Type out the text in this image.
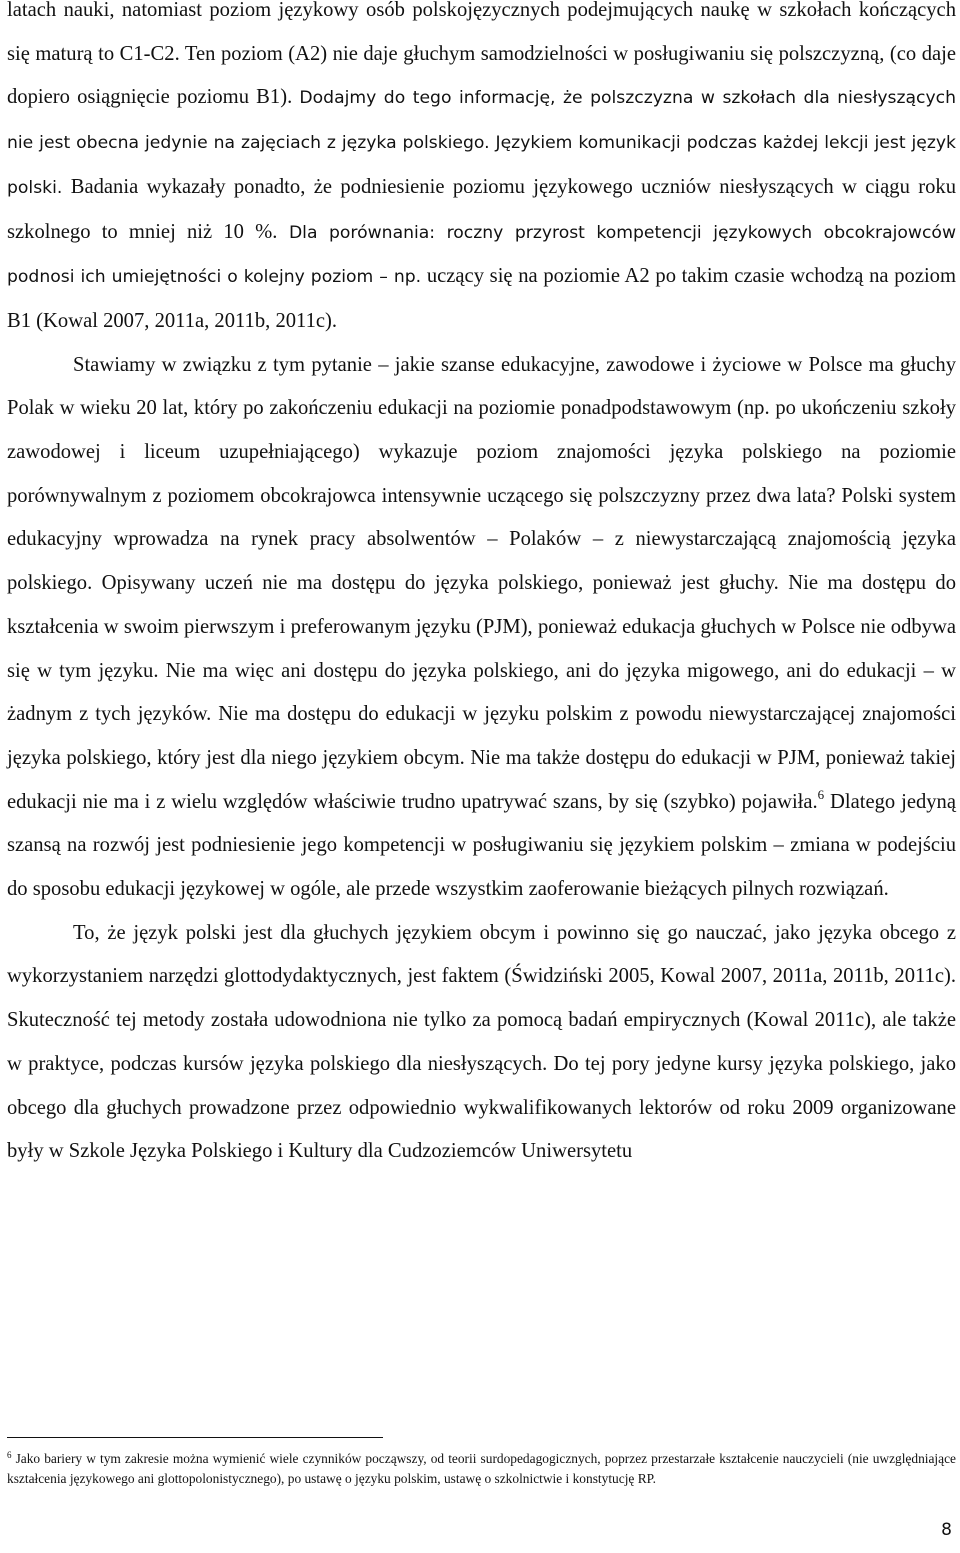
latach nauki, natomiast poziom językowy osób polskojęzycznych podejmujących naukę w szkołach kończących się maturą to C1-C2. Ten poziom (A2) nie daje głuchym samodzielności w posługiwaniu się polszczyzną, (co daje dopiero osiągnięcie poziomu B1). Dodajmy do tego informację, że polszczyzna w szkołach dla niesłyszących nie jest obecna jedynie na zajęciach z języka polskiego. Językiem komunikacji podczas każdej lekcji jest język polski. Badania wykazały ponadto, że podniesienie poziomu językowego uczniów niesłyszących w ciągu roku szkolnego to mniej niż 10 %. Dla porównania: roczny przyrost kompetencji językowych obcokrajowców podnosi ich umiejętności o kolejny poziom – np. uczący się na poziomie A2 po takim czasie wchodzą na poziom B1 (Kowal 2007, 2011a, 2011b, 2011c).

Stawiamy w związku z tym pytanie – jakie szanse edukacyjne, zawodowe i życiowe w Polsce ma głuchy Polak w wieku 20 lat, który po zakończeniu edukacji na poziomie ponadpodstawowym (np. po ukończeniu szkoły zawodowej i liceum uzupełniającego) wykazuje poziom znajomości języka polskiego na poziomie porównywalnym z poziomem obcokrajowca intensywnie uczącego się polszczyzny przez dwa lata? Polski system edukacyjny wprowadza na rynek pracy absolwentów – Polaków – z niewystarczającą znajomością języka polskiego. Opisywany uczeń nie ma dostępu do języka polskiego, ponieważ jest głuchy. Nie ma dostępu do kształcenia w swoim pierwszym i preferowanym języku (PJM), ponieważ edukacja głuchych w Polsce nie odbywa się w tym języku. Nie ma więc ani dostępu do języka polskiego, ani do języka migowego, ani do edukacji – w żadnym z tych języków. Nie ma dostępu do edukacji w języku polskim z powodu niewystarczającej znajomości języka polskiego, który jest dla niego językiem obcym. Nie ma także dostępu do edukacji w PJM, ponieważ takiej edukacji nie ma i z wielu względów właściwie trudno upatrywać szans, by się (szybko) pojawiła.$^6$ Dlatego jedyną szansą na rozwój jest podniesienie jego kompetencji w posługiwaniu się językiem polskim – zmiana w podejściu do sposobu edukacji językowej w ogóle, ale przede wszystkim zaoferowanie bieżących pilnych rozwiązań.

To, że język polski jest dla głuchych językiem obcym i powinno się go nauczać, jako języka obcego z wykorzystaniem narzędzi glottodydaktycznych, jest faktem (Świdziński 2005, Kowal 2007, 2011a, 2011b, 2011c). Skuteczność tej metody została udowodniona nie tylko za pomocą badań empirycznych (Kowal 2011c), ale także w praktyce, podczas kursów języka polskiego dla niesłyszących. Do tej pory jedyne kursy języka polskiego, jako obcego dla głuchych prowadzone przez odpowiednio wykwalifikowanych lektorów od roku 2009 organizowane były w Szkole Języka Polskiego i Kultury dla Cudzoziemców Uniwersytetu

$^6$ Jako bariery w tym zakresie można wymienić wiele czynników począwszy, od teorii surdopedagogicznych, poprzez przestarzałe kształcenie nauczycieli (nie uwzględniające kształcenia językowego ani glottopolonistycznego), po ustawę o języku polskim, ustawę o szkolnictwie i konstytucję RP.

8
